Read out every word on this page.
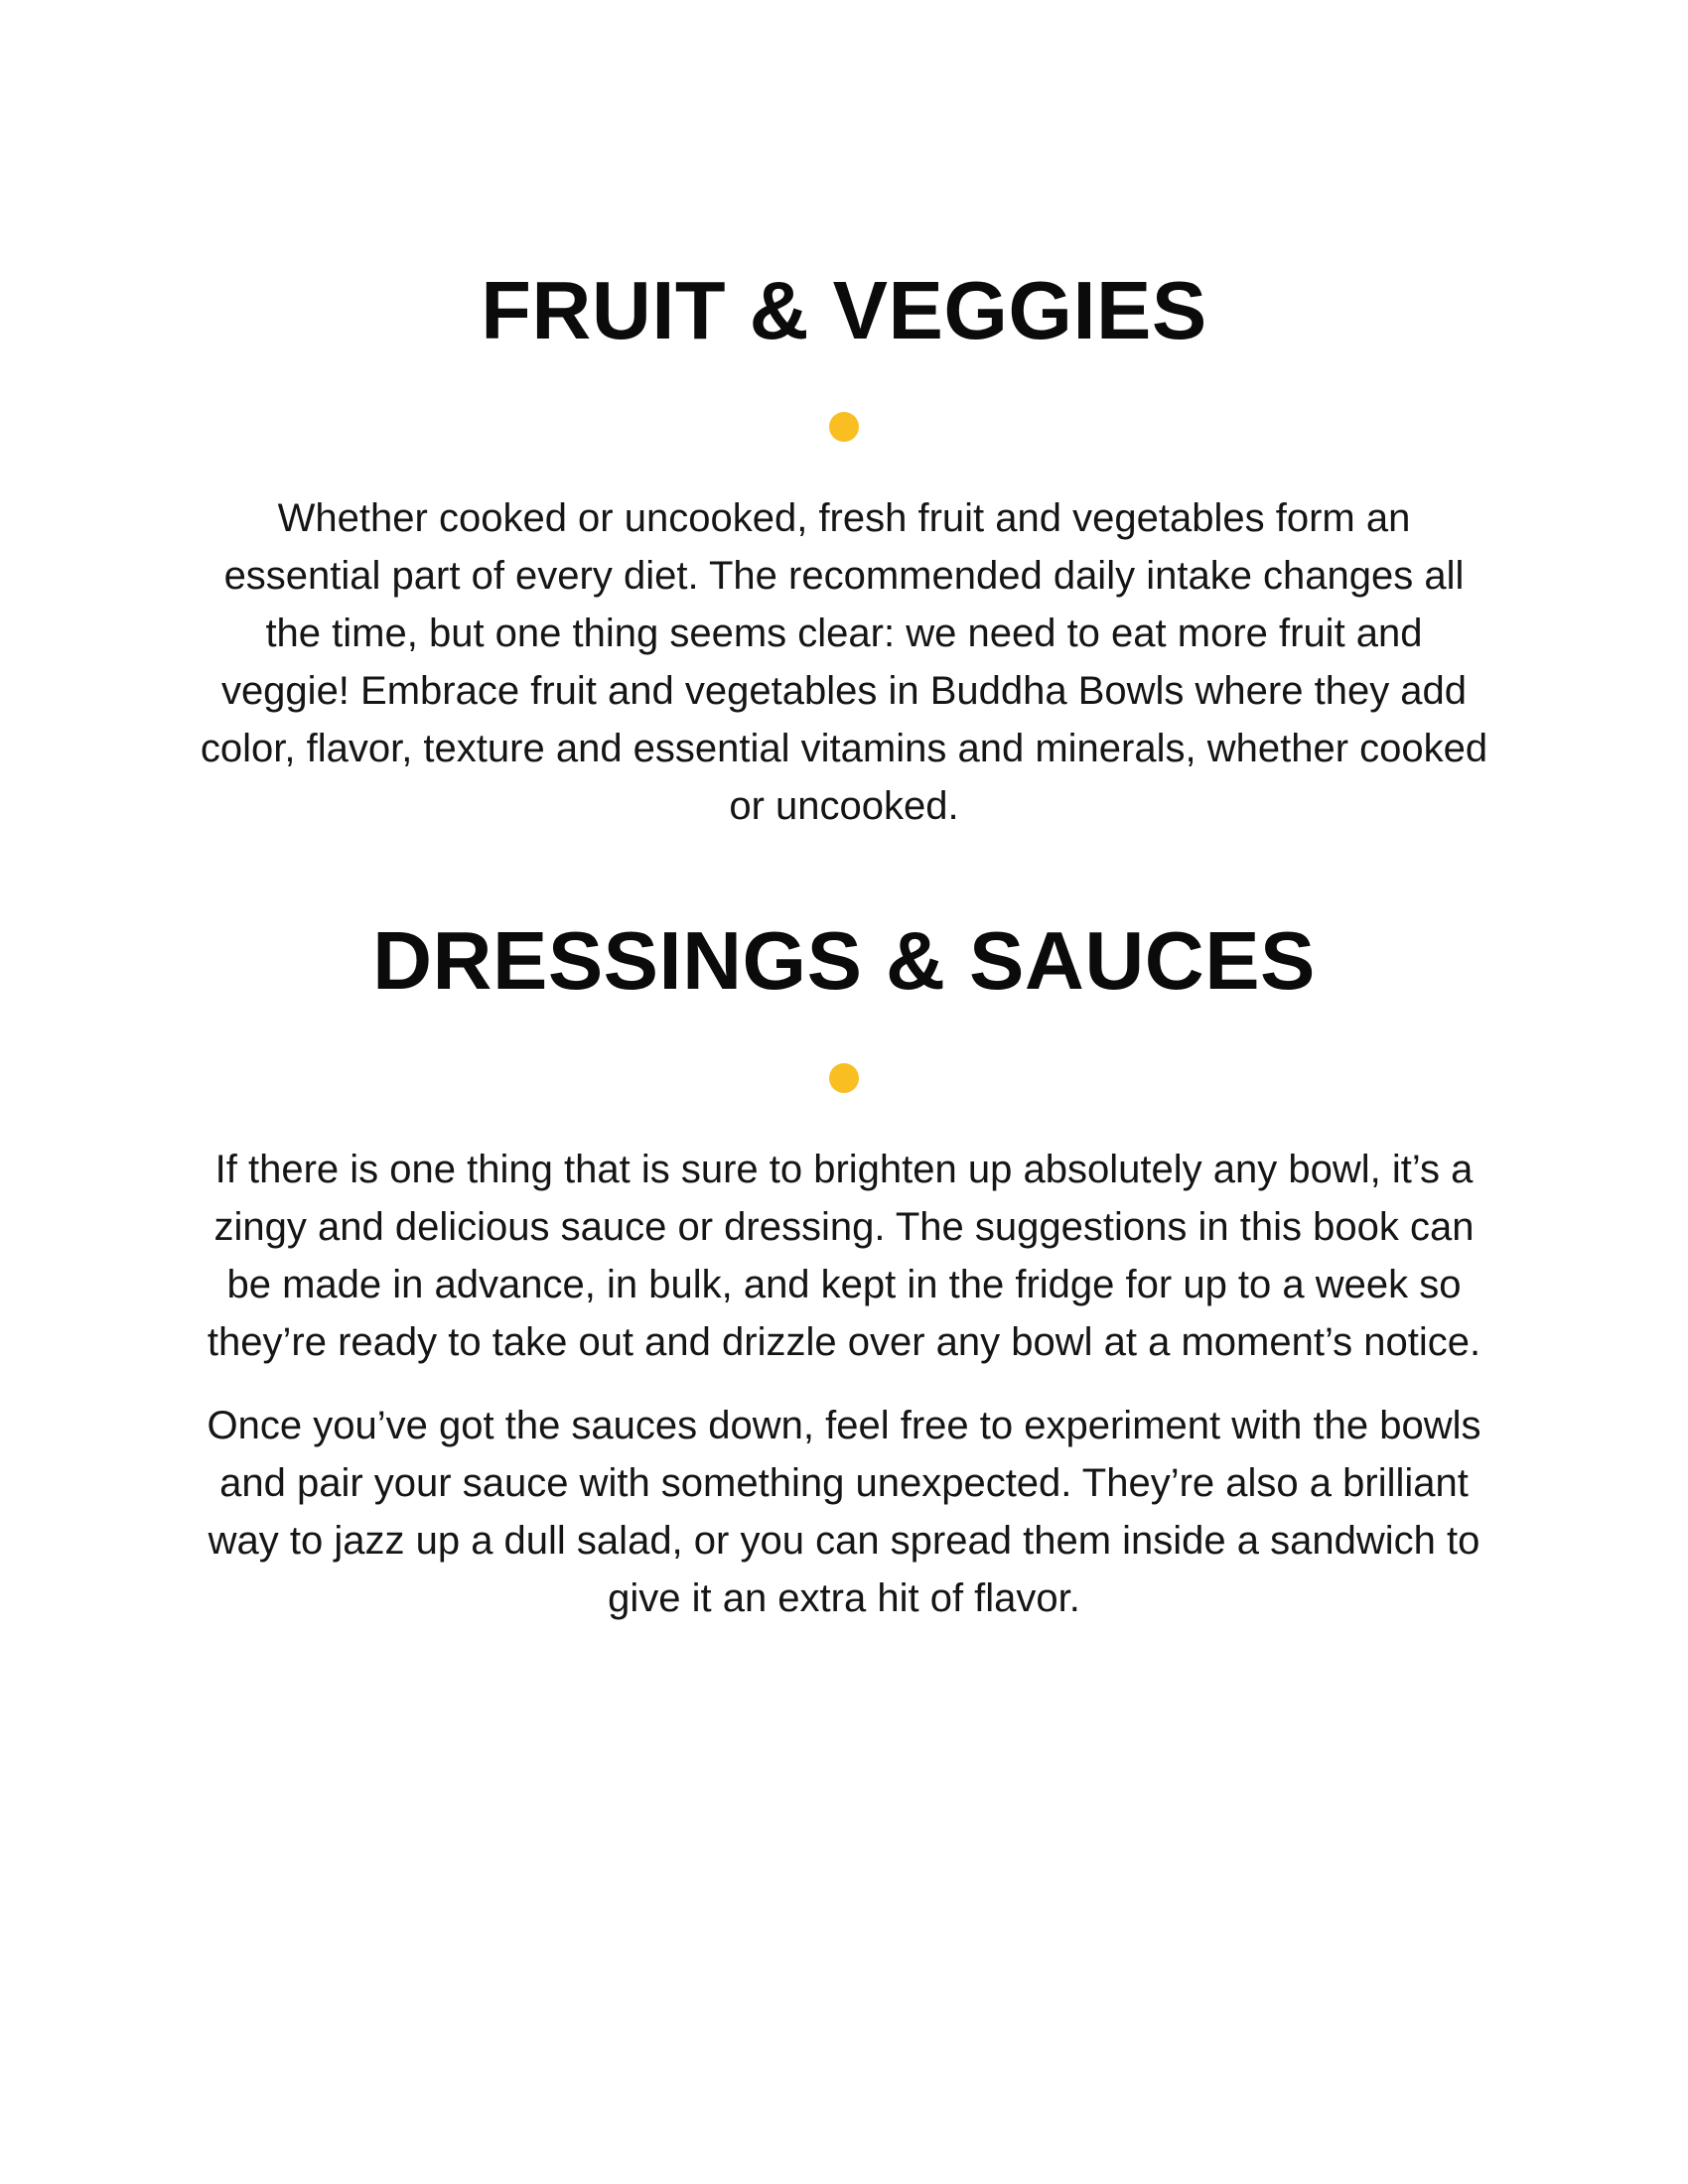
FRUIT & VEGGIES

Whether cooked or uncooked, fresh fruit and vegetables form an essential part of every diet. The recommended daily intake changes all the time, but one thing seems clear: we need to eat more fruit and veggie! Embrace fruit and vegetables in Buddha Bowls where they add color, flavor, texture and essential vitamins and minerals, whether cooked or uncooked.

DRESSINGS & SAUCES

If there is one thing that is sure to brighten up absolutely any bowl, it’s a zingy and delicious sauce or dressing. The suggestions in this book can be made in advance, in bulk, and kept in the fridge for up to a week so they’re ready to take out and drizzle over any bowl at a moment’s notice.

Once you’ve got the sauces down, feel free to experiment with the bowls and pair your sauce with something unexpected. They’re also a brilliant way to jazz up a dull salad, or you can spread them inside a sandwich to give it an extra hit of flavor.
